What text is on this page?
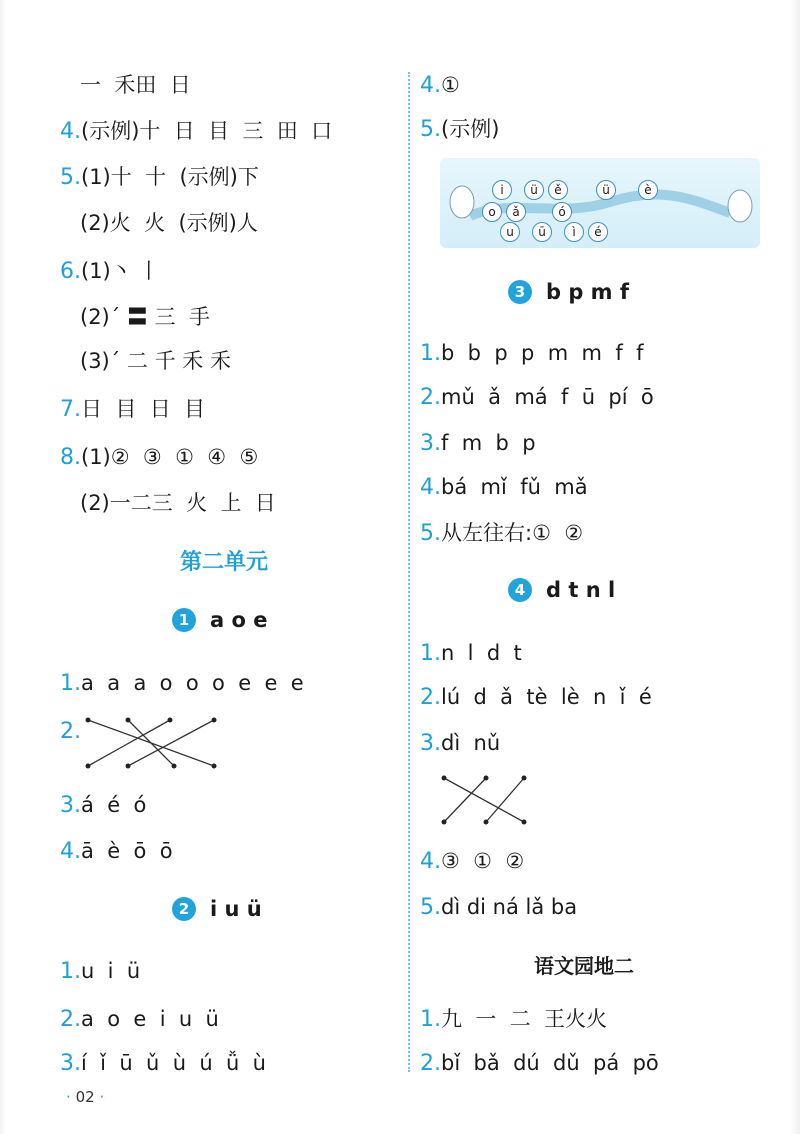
一  禾田  日
4.(示例)十  日  目  三  田  口
5.(1)十  十  (示例)下
(2)火  火  (示例)人
6.(1)丶 丨
(2)ˊ 〓 三  手
(3)ˊ 二 千 禾 禾
7.日  目  日  目
8.(1)②  ③  ①  ④  ⑤
(2)一二三  火  上  日
第二单元
1 a o e
1.a  a  a  o  o  o  e  e  e
2.
3.á  é  ó
4.ā  è  ō  ō
2 i u ü
1.u  i  ü
2.a  o  e  i  u  ü
3.í  ǐ  ū  ǔ  ù  ú  ǚ  ù
· 02 ·
4.①
5.(示例)
i	ü	ě	ü	è
o	ǎ	ó
u	ū	ì	é
3 b p m f
1.b  b  p  p  m  m  f  f
2.mǔ  ǎ  má  f  ū  pí  ō
3.f  m  b  p
4.bá  mǐ  fǔ  mǎ
5.从左往右:①  ②
4 d t n l
1.n  l  d  t
2.lú  d  ǎ  tè  lè  n  ǐ  é
3.dì  nǔ
4.③  ①  ②
5.dì di ná lǎ ba
语文园地二
1.九  一  二  王火火
2.bǐ  bǎ  dú  dǔ  pá  pō
